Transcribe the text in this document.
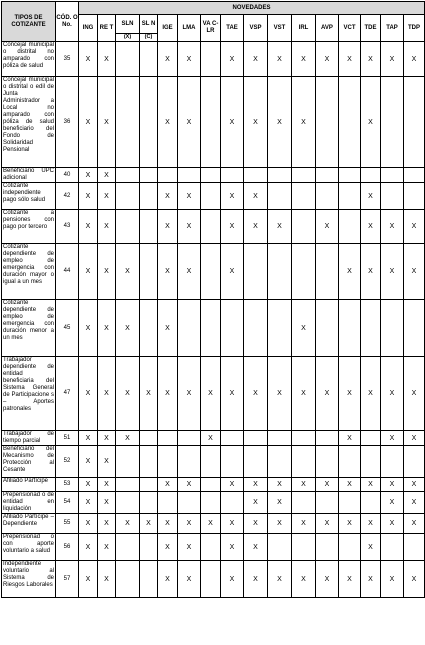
TIPOS DE COTIZANTE	CÓD. O No.	NOVEDADES															
		ING	RE T	SLN	SL N	IGE	LMA	VA C- LR	TAE	VSP	VST	IRL	AVP	VCT	TDE	TAP	TDP
				(X)	(C)												
Concejal municipal o distrital no amparado con póliza de salud	35	X	X			X	X		X	X	X	X	X	X	X	X	X
Concejal municipal o distrital o edil de Junta Administrador a Local no amparado con póliza de salud beneficiario del Fondo de Solidaridad Pensional	36	X	X			X	X		X	X	X	X			X		
Beneficiario UPC adicional	40	X	X														
Cotizante independiente pago sólo salud	42	X	X			X	X		X	X					X		
Cotizante a pensiones con pago por tercero	43	X	X			X	X		X	X	X		X		X	X	X
Cotizante dependiente de empleo de emergencia con duración mayor o igual a un mes	44	X	X	X		X	X		X					X	X	X	X
Cotizante dependiente de empleo de emergencia con duración menor a un mes	45	X	X	X		X						X					
Trabajador dependiente de entidad beneficiaria del Sistema General de Participacione s – Aportes patronales	47	X	X	X	X	X	X	X	X	X	X	X	X	X	X	X	X
Trabajador de tiempo parcial	51	X	X	X				X						X		X	X
Beneficiario del Mecanismo de Protección al Cesante	52	X	X														
Afiliado Partícipe	53	X	X			X	X		X	X	X	X	X	X	X	X	X
Prepensionad o de entidad en liquidación	54	X	X							X	X					X	X
Afiliado Partícipe – Dependiente	55	X	X	X	X	X	X	X	X	X	X	X	X	X	X	X	X
Prepensionad o con aporte voluntario a salud	56	X	X			X	X		X	X					X		
Independiente voluntario al Sistema de Riesgos Laborales	57	X	X			X	X		X	X	X	X	X	X	X	X	X
